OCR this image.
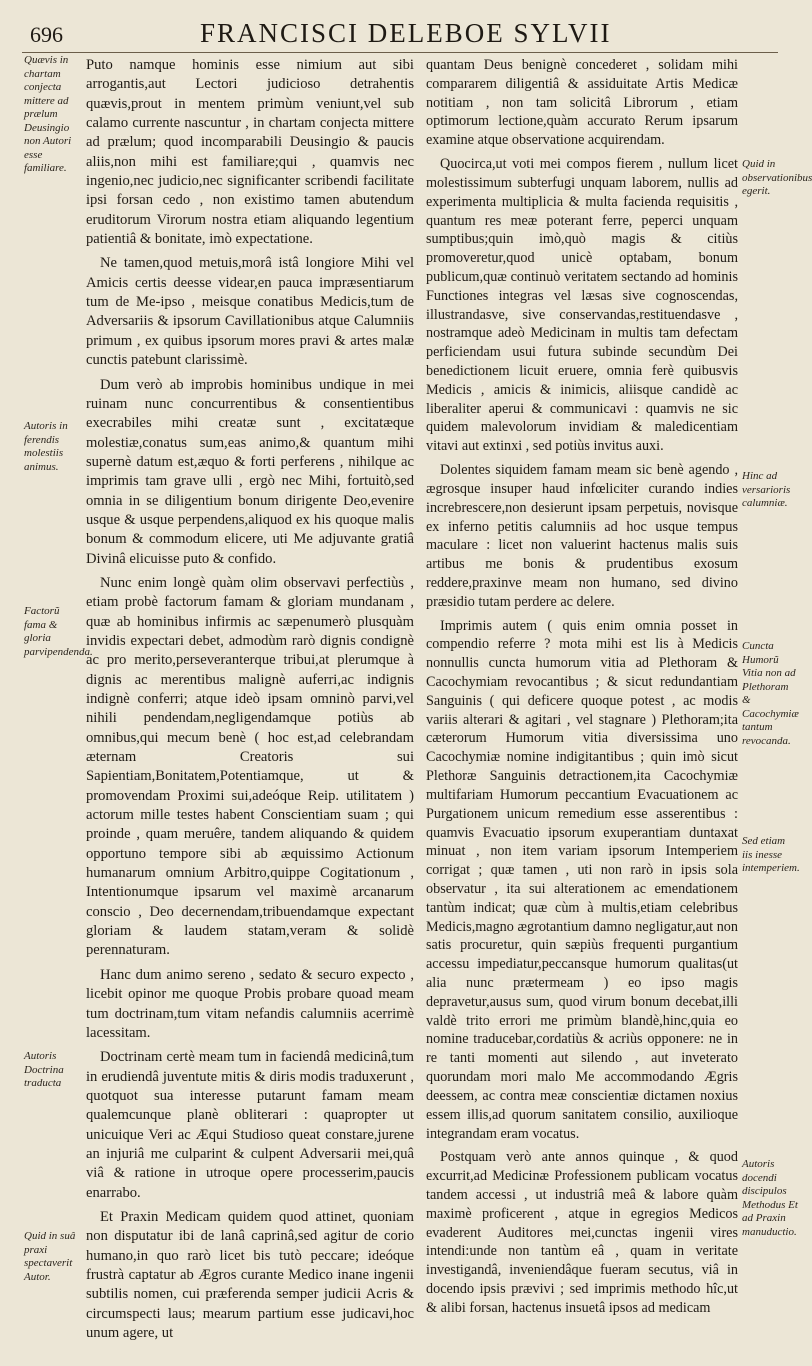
696	FRANCISCI DELEBOE SYLVII
Quævis in chartam conjecta mittere ad prælum Deusingio non Autori esse familiare.
Autoris in ferendis molestiis animus.
Factorũ fama & gloria parvipendenda.
Autoris Doctrina traducta
Quid in suâ praxi spectaverit Autor.

Puto namque hominis esse nimium aut sibi arrogantis,aut Lectori judicioso detrahentis quævis,prout in mentem primùm veniunt,vel sub calamo currente nascuntur , in chartam conjecta mittere ad prælum; quod incomparabili Deusingio & paucis aliis,non mihi est familiare;qui , quamvis nec ingenio,nec judicio,nec significanter scribendi facilitate ipsi forsan cedo , non existimo tamen abutendum eruditorum Virorum nostra etiam aliquando legentium patientiâ & bonitate, imò expectatione.

Ne tamen,quod metuis,morâ istâ longiore Mihi vel Amicis certis deesse videar,en pauca impræsentiarum tum de Me-ipso , meisque conatibus Medicis,tum de Adversariis & ipsorum Cavillationibus atque Calumniis primum , ex quibus ipsorum mores pravi & artes malæ cunctis patebunt clarissimè.

Dum verò ab improbis hominibus undique in mei ruinam nunc concurrentibus & consentientibus execrabiles mihi creatæ sunt , excitatæque molestiæ,conatus sum,eas animo,& quantum mihi supernè datum est,æquo & forti perferens , nihilque ac imprimis tam grave ulli , ergò nec Mihi, fortuitò,sed omnia in se diligentium bonum dirigente Deo,evenire usque & usque perpendens,aliquod ex his quoque malis bonum & commodum elicere, uti Me adjuvante gratiâ Divinâ elicuisse puto & confido.

Nunc enim longè quàm olim observavi perfectiùs , etiam probè factorum famam & gloriam mundanam , quæ ab hominibus infirmis ac sæpenumerò plusquàm invidis expectari debet, admodùm rarò dignis condignè ac pro merito,perseveranterque tribui,at plerumque à dignis ac merentibus malignè auferri,ac indignis indignè conferri; atque ideò ipsam omninò parvi,vel nihili pendendam,negligendamque potiùs ab omnibus,qui mecum benè ( hoc est,ad celebrandam æternam Creatoris sui Sapientiam,Bonitatem,Potentiamque, ut & promovendam Proximi sui,adeóque Reip. utilitatem ) actorum mille testes habent Conscientiam suam ; qui proinde , quam meruêre, tandem aliquando & quidem opportuno tempore sibi ab æquissimo Actionum humanarum omnium Arbitro,quippe Cogitationum , Intentionumque ipsarum vel maximè arcanarum conscio , Deo decernendam,tribuendamque expectant gloriam & laudem statam,veram & solidè perennaturam.

Hanc dum animo sereno , sedato & securo expecto , licebit opinor me quoque Probis probare quoad meam tum doctrinam,tum vitam nefandis calumniis acerrimè lacessitam.

Doctrinam certè meam tum in faciendâ medicinâ,tum in erudiendâ juventute mitis & diris modis traduxerunt , quotquot sua interesse putarunt famam meam qualemcunque planè obliterari : quapropter ut unicuique Veri ac Æqui Studioso queat constare,jurene an injuriâ me culparint & culpent Adversarii mei,quâ viâ & ratione in utroque opere processerim,paucis enarrabo.

Et Praxin Medicam quidem quod attinet, quoniam non disputatur ibi de lanâ caprinâ,sed agitur de corio humano,in quo rarò licet bis tutò peccare; ideóque frustrà captatur ab Ægros curante Medico inane ingenii subtilis nomen, cui præferenda semper judicii Acris & circumspecti laus; mearum partium esse judicavi,hoc unum agere, ut

quantam Deus benignè concederet , solidam mihi compararem diligentiâ & assiduitate Artis Medicæ notitiam , non tam solicitâ Librorum , etiam optimorum lectione,quàm accurato Rerum ipsarum examine atque observatione acquirendam.

Quocirca,ut voti mei compos fierem , nullum licet molestissimum subterfugi unquam laborem, nullis ad experimenta multiplicia & multa facienda requisitis , quantum res meæ poterant ferre, peperci unquam sumptibus;quin imò,quò magis & citiùs promoveretur,quod unicè optabam, bonum publicum,quæ continuò veritatem sectando ad hominis Functiones integras vel læsas sive cognoscendas, illustrandasve, sive conservandas,restituendasve , nostramque adeò Medicinam in multis tam defectam perficiendam usui futura subinde secundùm Dei benedictionem licuit eruere, omnia ferè quibusvis Medicis , amicis & inimicis, aliisque candidè ac liberaliter aperui & communicavi : quamvis ne sic quidem malevolorum invidiam & maledicentiam vitavi aut extinxi , sed potiùs invitus auxi.

Dolentes siquidem famam meam sic benè agendo , ægrosque insuper haud infœliciter curando indies increbrescere,non desierunt ipsam perpetuis, novisque ex inferno petitis calumniis ad hoc usque tempus maculare : licet non valuerint hactenus malis suis artibus me bonis & prudentibus exosum reddere,praxinve meam non humano, sed divino præsidio tutam perdere ac delere.

Imprimis autem ( quis enim omnia posset in compendio referre ? mota mihi est lis à Medicis nonnullis cuncta humorum vitia ad Plethoram & Cacochymiam revocantibus ; & sicut redundantiam Sanguinis ( qui deficere quoque potest , ac modis variis alterari & agitari , vel stagnare ) Plethoram;ita cæterorum Humorum vitia diversissima uno Cacochymiæ nomine indigitantibus ; quin imò sicut Plethoræ Sanguinis detractionem,ita Cacochymiæ multifariam Humorum peccantium Evacuationem ac Purgationem unicum remedium esse asserentibus : quamvis Evacuatio ipsorum exuperantiam duntaxat minuat , non item variam ipsorum Intemperiem corrigat ; quæ tamen , uti non rarò in ipsis sola observatur , ita sui alterationem ac emendationem tantùm indicat; quæ cùm à multis,etiam celebribus Medicis,magno ægrotantium damno negligatur,aut non satis procuretur, quin sæpiùs frequenti purgantium accessu impediatur,peccansque humorum qualitas(ut alia nunc prætermeam ) eo ipso magis depravetur,ausus sum, quod virum bonum decebat,illi valdè trito errori me primùm blandè,hinc,quia eo nomine traducebar,cordatiùs & acriùs opponere: ne in re tanti momenti aut silendo , aut inveterato quorundam mori malo Me accommodando Ægris deessem, ac contra meæ conscientiæ dictamen noxius essem illis,ad quorum sanitatem consilio, auxilioque integrandam eram vocatus.

Postquam verò ante annos quinque , & quod excurrit,ad Medicinæ Professionem publicam vocatus tandem accessi , ut industriâ meâ & labore quàm maximè proficerent , atque in egregios Medicos evaderent Auditores mei,cunctas ingenii vires intendi:unde non tantùm eâ , quam in veritate investigandâ, inveniendâque fueram secutus, viâ in docendo ipsis prævivi ; sed imprimis methodo hîc,ut & alibi forsan, hactenus insuetâ ipsos ad medicam

Quid in observationibus egerit.
Hinc ad versarioris calumniæ.
Cuncta Humorũ Vitia non ad Plethoram & Cacochymiæ tantum revocanda.
Sed etiam iis inesse intemperiem.
Autoris docendi discipulos Methodus Et ad Praxin manuductio.
